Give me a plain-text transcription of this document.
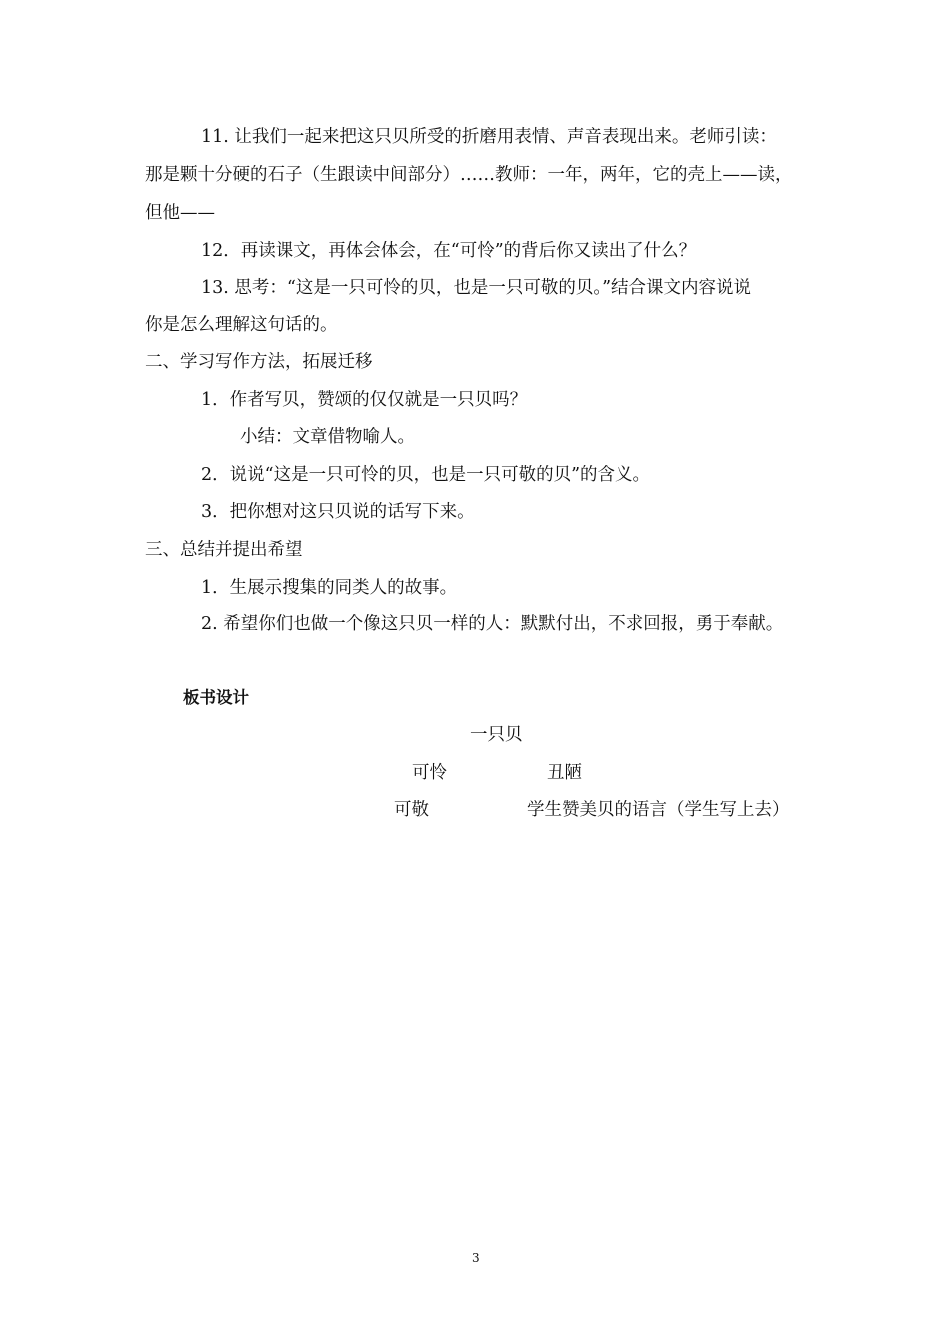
11. 让我们一起来把这只贝所受的折磨用表情、声音表现出来。老师引读：
那是颗十分硬的石子（生跟读中间部分）……教师：一年，两年，它的壳上——读，
但他——
12．再读课文，再体会体会，在“可怜”的背后你又读出了什么？
13. 思考：“这是一只可怜的贝，也是一只可敬的贝。”结合课文内容说说
你是怎么理解这句话的。
二、学习写作方法，拓展迁移
1．作者写贝，赞颂的仅仅就是一只贝吗？
小结：文章借物喻人。
2．说说“这是一只可怜的贝，也是一只可敬的贝”的含义。
3．把你想对这只贝说的话写下来。
三、总结并提出希望
1．生展示搜集的同类人的故事。
2. 希望你们也做一个像这只贝一样的人：默默付出，不求回报，勇于奉献。
板书设计
一只贝
可怜	丑陋
可敬	学生赞美贝的语言（学生写上去）
3
